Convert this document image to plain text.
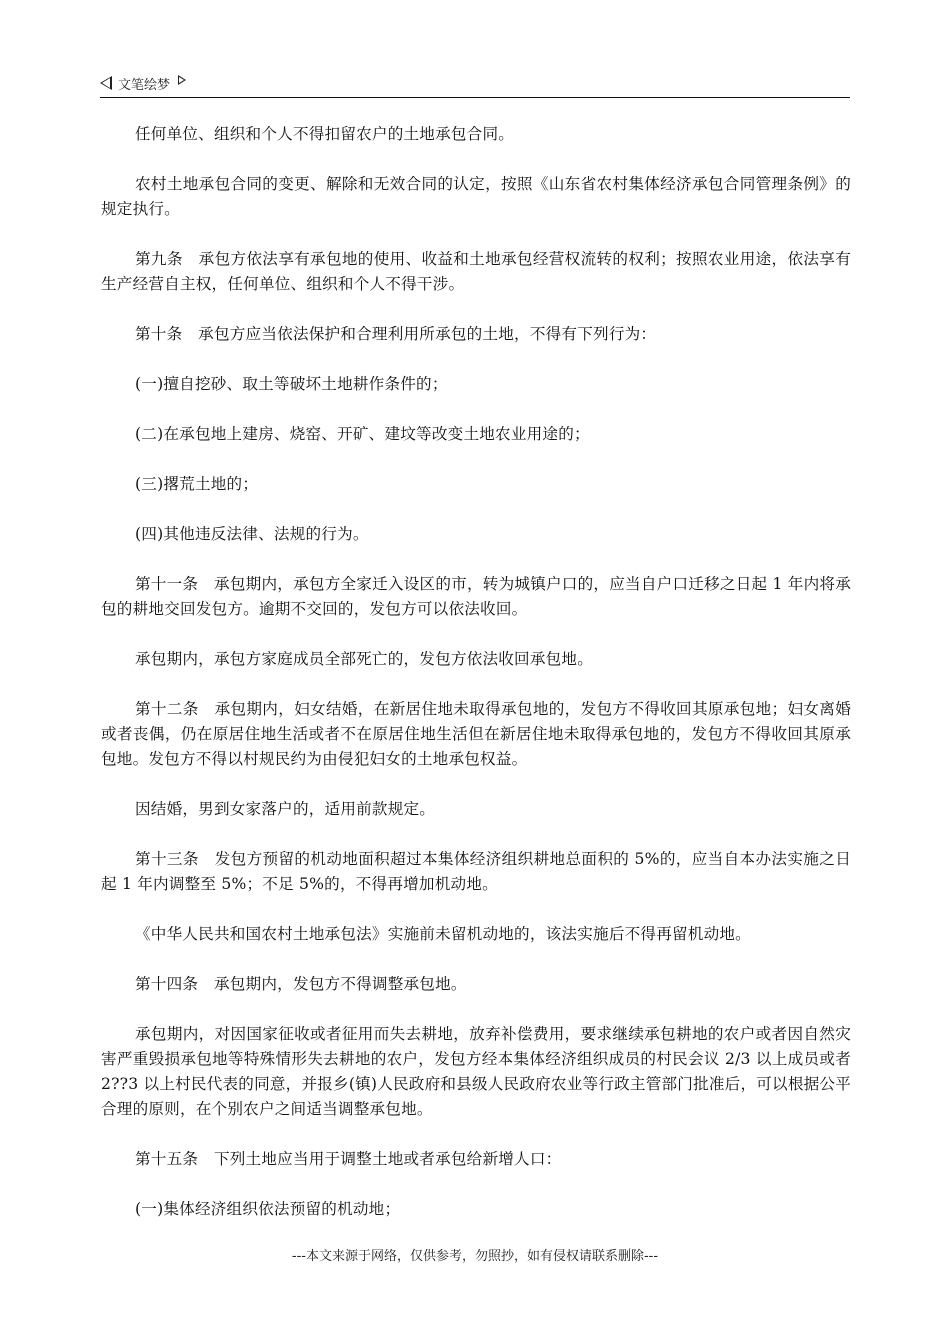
文笔绘梦

任何单位、组织和个人不得扣留农户的土地承包合同。

农村土地承包合同的变更、解除和无效合同的认定，按照《山东省农村集体经济承包合同管理条例》的规定执行。

第九条　承包方依法享有承包地的使用、收益和土地承包经营权流转的权利；按照农业用途，依法享有生产经营自主权，任何单位、组织和个人不得干涉。

第十条　承包方应当依法保护和合理利用所承包的土地，不得有下列行为：

(一)擅自挖砂、取土等破坏土地耕作条件的；

(二)在承包地上建房、烧窑、开矿、建坟等改变土地农业用途的；

(三)撂荒土地的；

(四)其他违反法律、法规的行为。

第十一条　承包期内，承包方全家迁入设区的市，转为城镇户口的，应当自户口迁移之日起 1 年内将承包的耕地交回发包方。逾期不交回的，发包方可以依法收回。

承包期内，承包方家庭成员全部死亡的，发包方依法收回承包地。

第十二条　承包期内，妇女结婚，在新居住地未取得承包地的，发包方不得收回其原承包地；妇女离婚或者丧偶，仍在原居住地生活或者不在原居住地生活但在新居住地未取得承包地的，发包方不得收回其原承包地。发包方不得以村规民约为由侵犯妇女的土地承包权益。

因结婚，男到女家落户的，适用前款规定。

第十三条　发包方预留的机动地面积超过本集体经济组织耕地总面积的 5%的，应当自本办法实施之日起 1 年内调整至 5%；不足 5%的，不得再增加机动地。

《中华人民共和国农村土地承包法》实施前未留机动地的，该法实施后不得再留机动地。

第十四条　承包期内，发包方不得调整承包地。

承包期内，对因国家征收或者征用而失去耕地，放弃补偿费用，要求继续承包耕地的农户或者因自然灾害严重毁损承包地等特殊情形失去耕地的农户，发包方经本集体经济组织成员的村民会议 2/3 以上成员或者 2??3 以上村民代表的同意，并报乡(镇)人民政府和县级人民政府农业等行政主管部门批准后，可以根据公平合理的原则，在个别农户之间适当调整承包地。

第十五条　下列土地应当用于调整土地或者承包给新增人口：

(一)集体经济组织依法预留的机动地；

---本文来源于网络，仅供参考，勿照抄，如有侵权请联系删除---
